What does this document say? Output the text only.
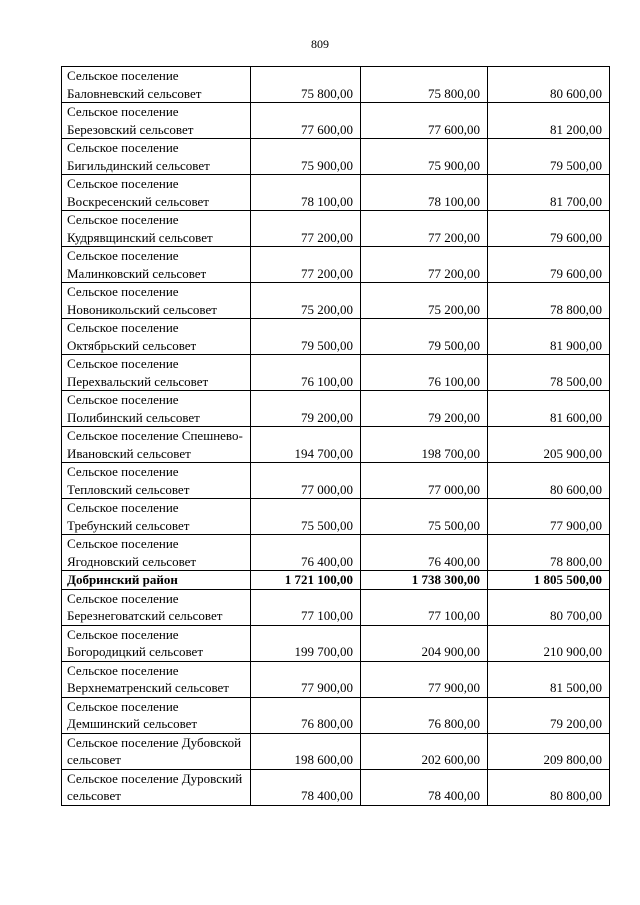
809
Сельское поселение Баловневский сельсовет	75 800,00	75 800,00	80 600,00
Сельское поселение Березовский сельсовет	77 600,00	77 600,00	81 200,00
Сельское поселение Бигильдинский сельсовет	75 900,00	75 900,00	79 500,00
Сельское поселение Воскресенский сельсовет	78 100,00	78 100,00	81 700,00
Сельское поселение Кудрявщинский сельсовет	77 200,00	77 200,00	79 600,00
Сельское поселение Малинковский сельсовет	77 200,00	77 200,00	79 600,00
Сельское поселение Новоникольский сельсовет	75 200,00	75 200,00	78 800,00
Сельское поселение Октябрьский сельсовет	79 500,00	79 500,00	81 900,00
Сельское поселение Перехвальский сельсовет	76 100,00	76 100,00	78 500,00
Сельское поселение Полибинский сельсовет	79 200,00	79 200,00	81 600,00
Сельское поселение Спешнево-Ивановский сельсовет	194 700,00	198 700,00	205 900,00
Сельское поселение Тепловский сельсовет	77 000,00	77 000,00	80 600,00
Сельское поселение Требунский сельсовет	75 500,00	75 500,00	77 900,00
Сельское поселение Ягодновский сельсовет	76 400,00	76 400,00	78 800,00
Добринский район	1 721 100,00	1 738 300,00	1 805 500,00
Сельское поселение Березнеговатский сельсовет	77 100,00	77 100,00	80 700,00
Сельское поселение Богородицкий сельсовет	199 700,00	204 900,00	210 900,00
Сельское поселение Верхнематренский сельсовет	77 900,00	77 900,00	81 500,00
Сельское поселение Демшинский сельсовет	76 800,00	76 800,00	79 200,00
Сельское поселение Дубовской сельсовет	198 600,00	202 600,00	209 800,00
Сельское поселение Дуровский сельсовет	78 400,00	78 400,00	80 800,00
